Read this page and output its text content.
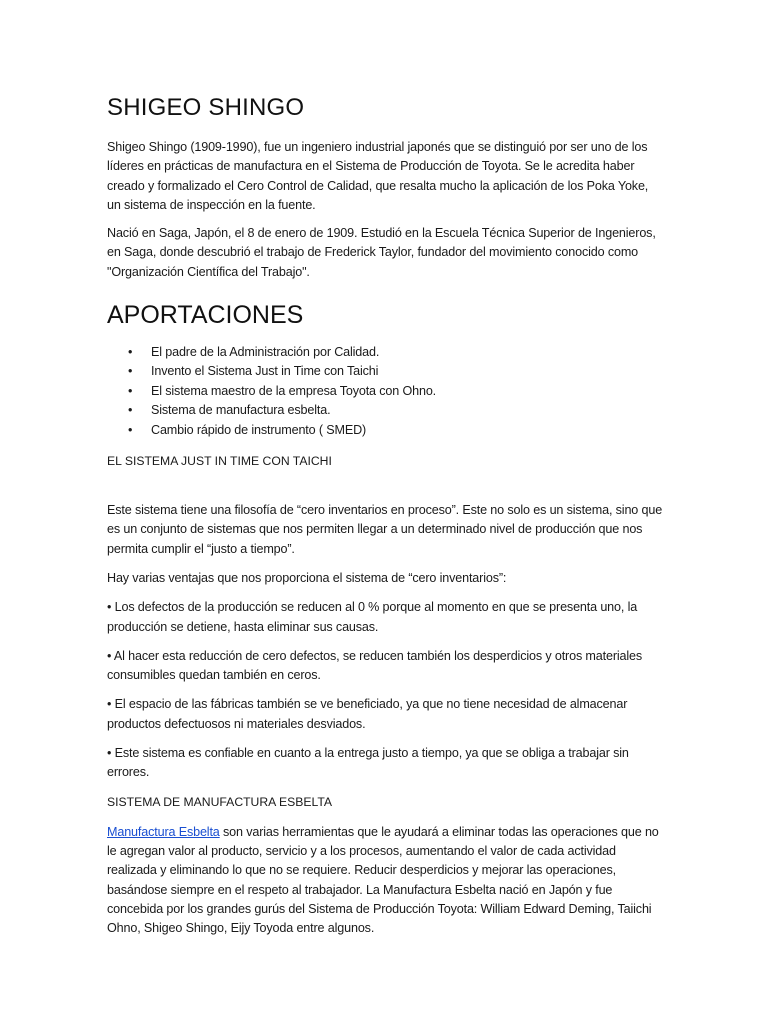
SHIGEO SHINGO

Shigeo Shingo (1909-1990), fue un ingeniero industrial japonés que se distinguió por ser uno de los líderes en prácticas de manufactura en el Sistema de Producción de Toyota. Se le acredita haber creado y formalizado el Cero Control de Calidad, que resalta mucho la aplicación de los Poka Yoke, un sistema de inspección en la fuente.

Nació en Saga, Japón, el 8 de enero de 1909. Estudió en la Escuela Técnica Superior de Ingenieros, en Saga, donde descubrió el trabajo de Frederick Taylor, fundador del movimiento conocido como "Organización Científica del Trabajo".

APORTACIONES
• El padre de la Administración por Calidad.
• Invento el Sistema Just in Time con Taichi
• El sistema maestro de la empresa Toyota con Ohno.
• Sistema de manufactura esbelta.
• Cambio rápido de instrumento ( SMED)
EL SISTEMA JUST IN TIME CON TAICHI

Este sistema tiene una filosofía de “cero inventarios en proceso”. Este no solo es un sistema, sino que es un conjunto de sistemas que nos permiten llegar a un determinado nivel de producción que nos permita cumplir el “justo a tiempo”.

Hay varias ventajas que nos proporciona el sistema de “cero inventarios”:

• Los defectos de la producción se reducen al 0 % porque al momento en que se presenta uno, la producción se detiene, hasta eliminar sus causas.

• Al hacer esta reducción de cero defectos, se reducen también los desperdicios y otros materiales consumibles quedan también en ceros.

• El espacio de las fábricas también se ve beneficiado, ya que no tiene necesidad de almacenar productos defectuosos ni materiales desviados.

• Este sistema es confiable en cuanto a la entrega justo a tiempo, ya que se obliga a trabajar sin errores.

SISTEMA DE MANUFACTURA ESBELTA

Manufactura Esbelta son varias herramientas que le ayudará a eliminar todas las operaciones que no le agregan valor al producto, servicio y a los procesos, aumentando el valor de cada actividad realizada y eliminando lo que no se requiere. Reducir desperdicios y mejorar las operaciones, basándose siempre en el respeto al trabajador. La Manufactura Esbelta nació en Japón y fue concebida por los grandes gurús del Sistema de Producción Toyota: William Edward Deming, Taiichi Ohno, Shigeo Shingo, Eijy Toyoda entre algunos.
